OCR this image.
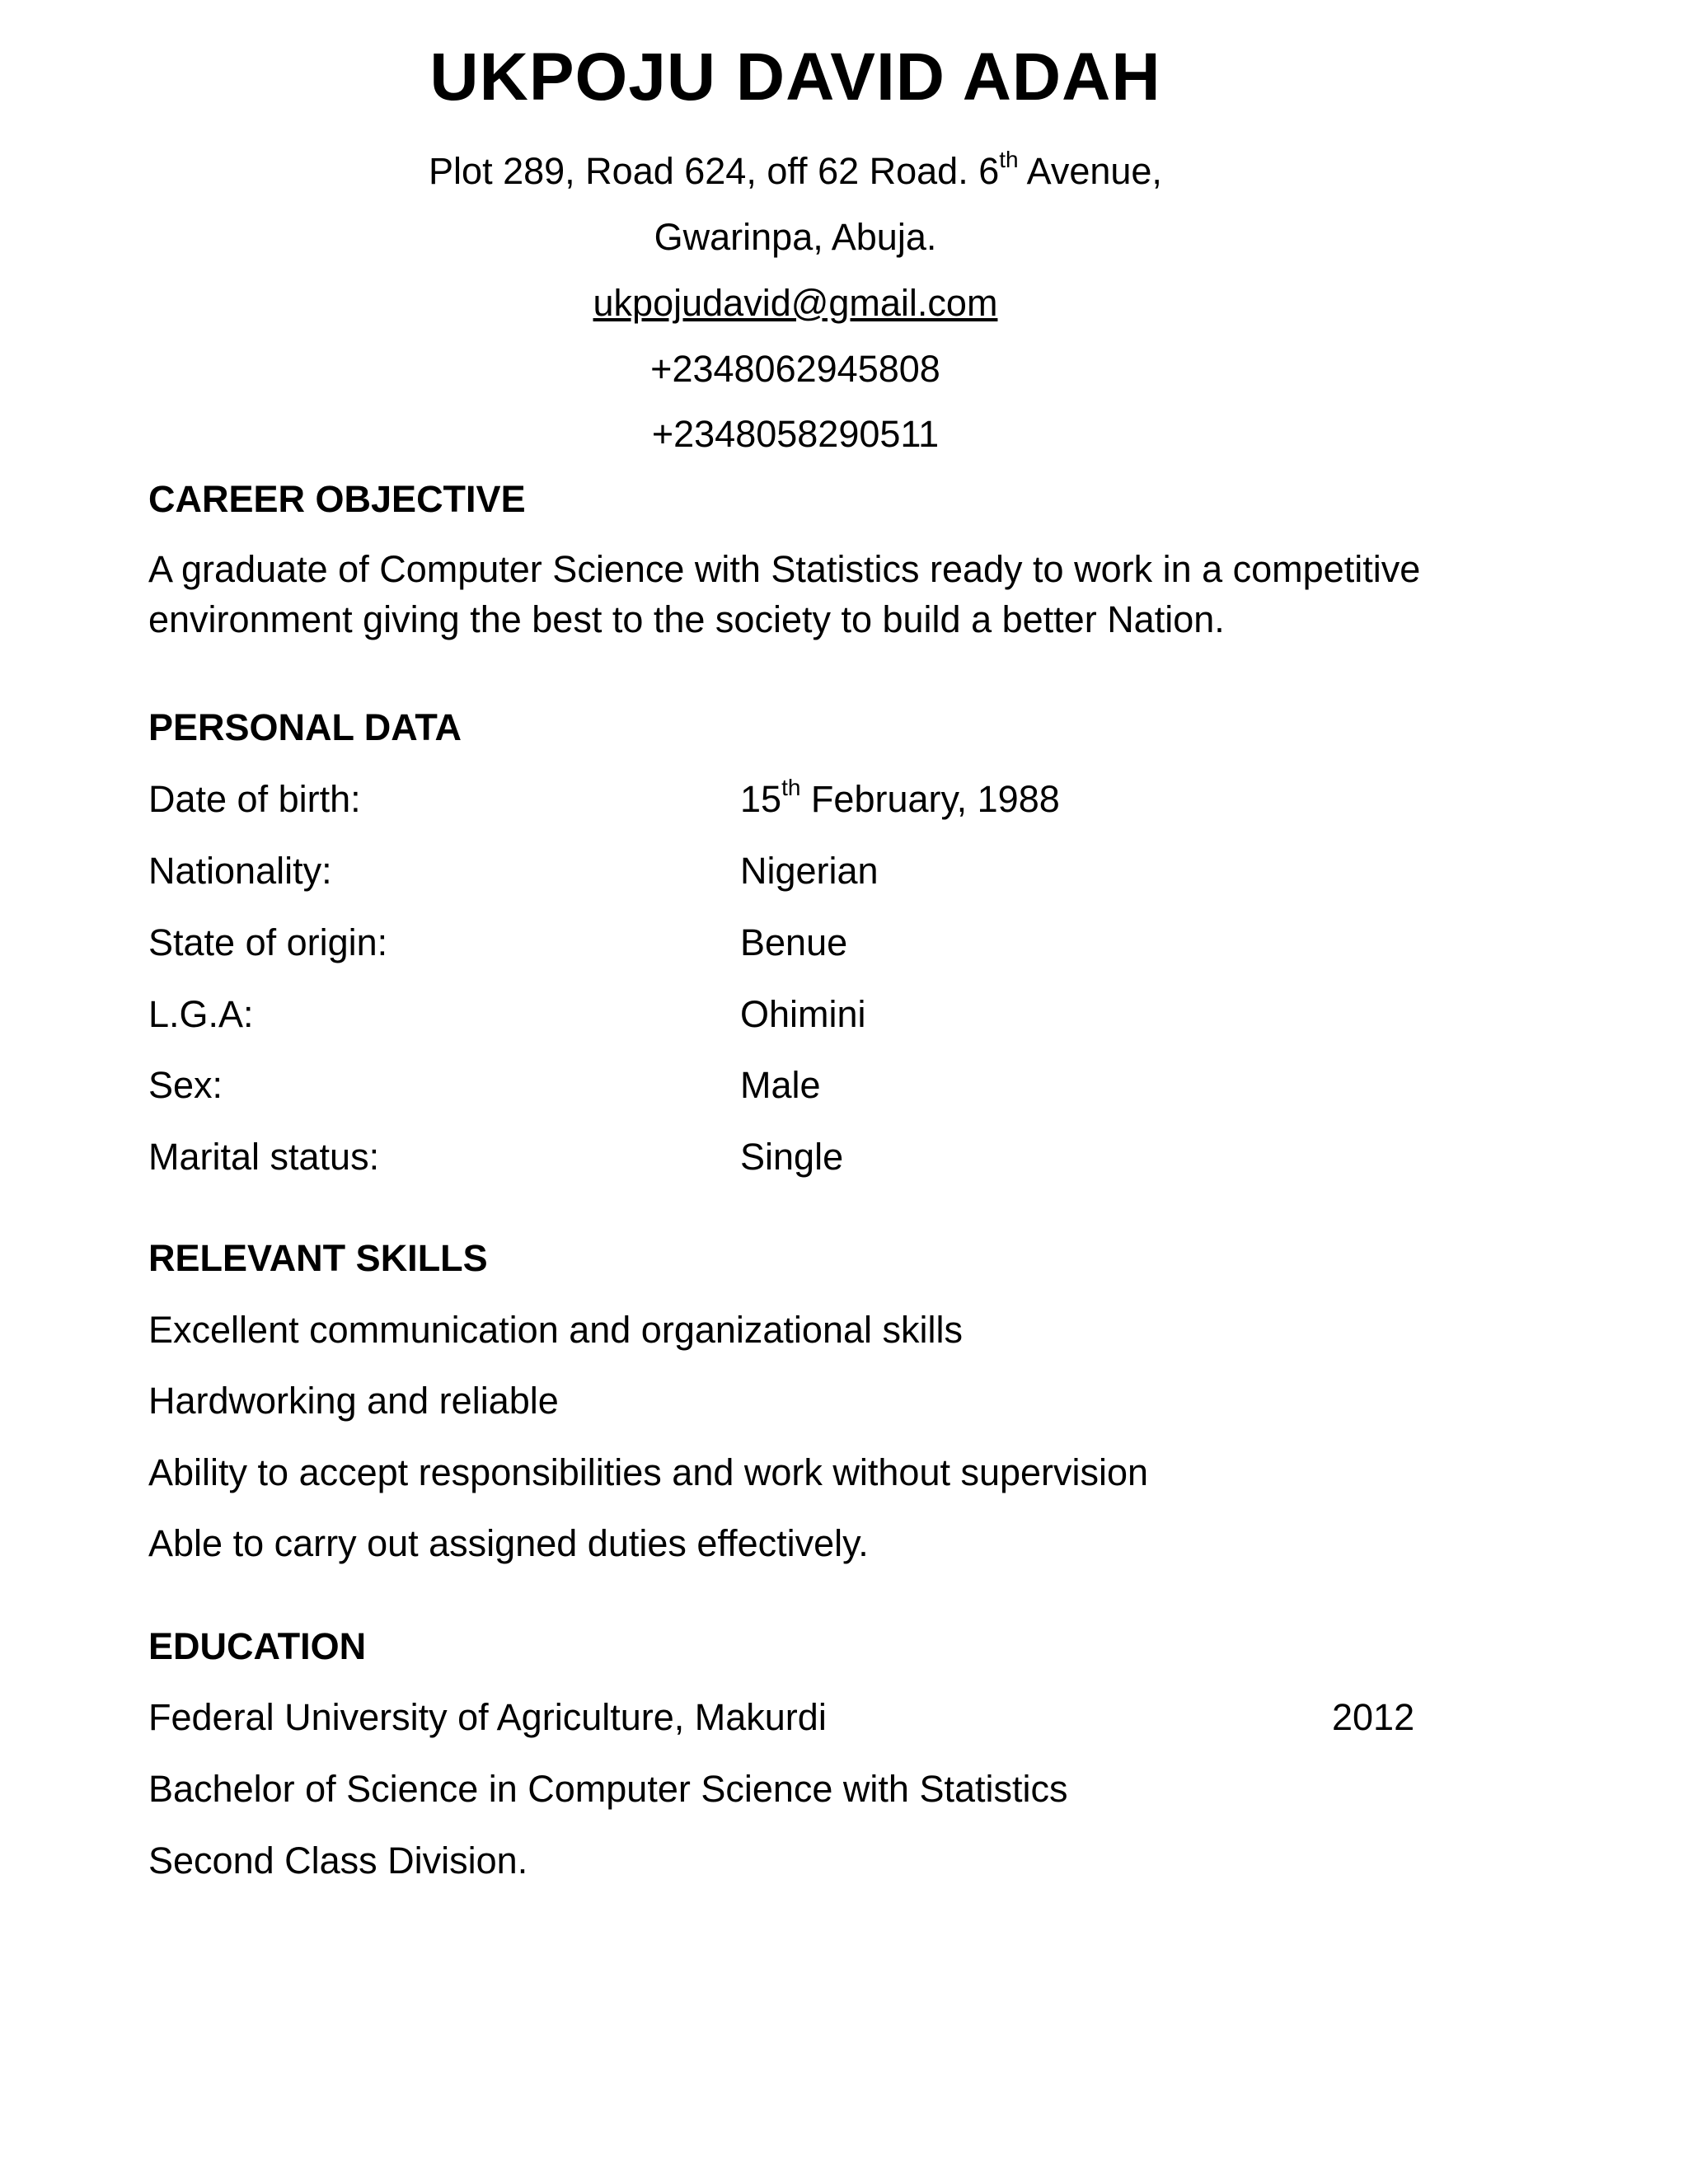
UKPOJU DAVID ADAH
Plot 289, Road 624, off 62 Road. 6th Avenue,
Gwarinpa, Abuja.
ukpojudavid@gmail.com
+2348062945808
+2348058290511
CAREER OBJECTIVE
A graduate of Computer Science with Statistics ready to work in a competitive
environment giving the best to the society to build a better Nation.
PERSONAL DATA
Date of birth:	15th February, 1988
Nationality:	Nigerian
State of origin:	Benue
L.G.A:	Ohimini
Sex:	Male
Marital status:	Single
RELEVANT SKILLS
Excellent communication and organizational skills
Hardworking and reliable
Ability to accept responsibilities and work without supervision
Able to carry out assigned duties effectively.
EDUCATION
Federal University of Agriculture, Makurdi	2012
Bachelor of Science in Computer Science with Statistics
Second Class Division.
